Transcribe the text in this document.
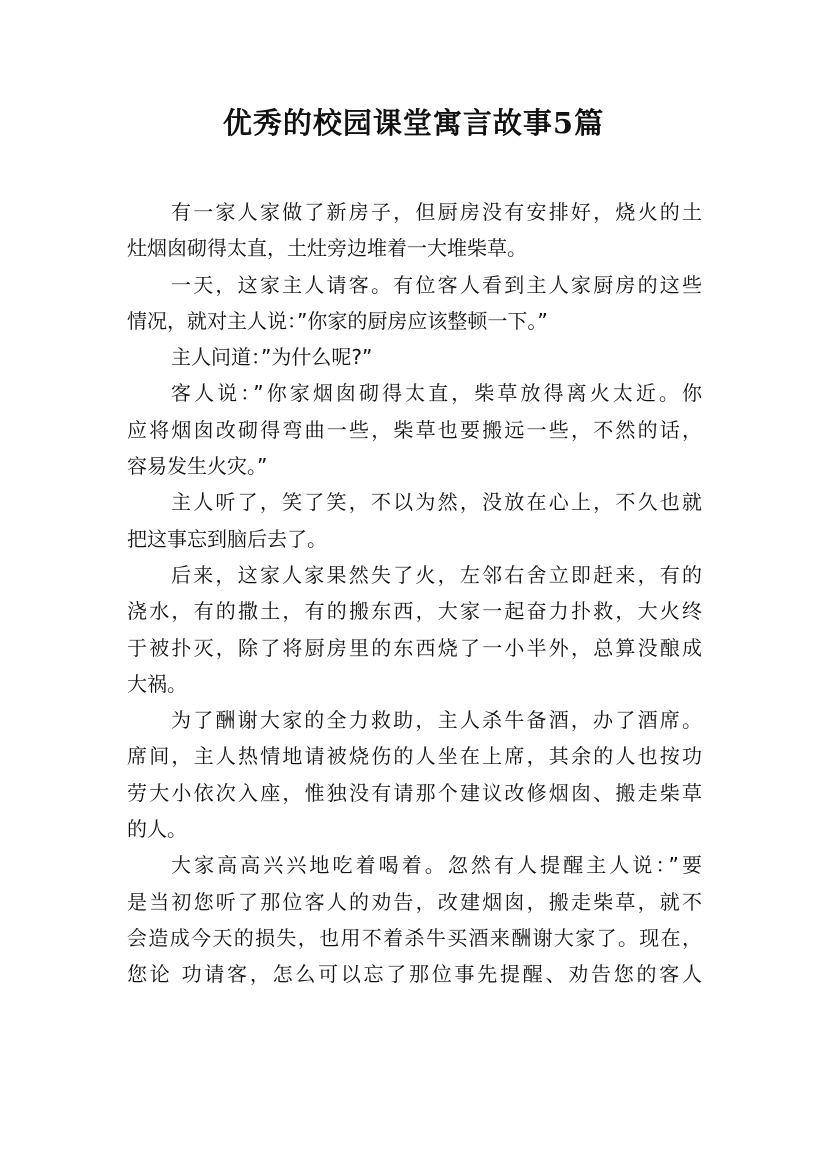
优秀的校园课堂寓言故事5篇

有一家人家做了新房子，但厨房没有安排好，烧火的土
灶烟囱砌得太直，土灶旁边堆着一大堆柴草。

一天，这家主人请客。有位客人看到主人家厨房的这些
情况，就对主人说：”你家的厨房应该整顿一下。”

主人问道：”为什么呢?”

客人说：”你家烟囱砌得太直，柴草放得离火太近。你
应将烟囱改砌得弯曲一些，柴草也要搬远一些，不然的话，
容易发生火灾。”

主人听了，笑了笑，不以为然，没放在心上，不久也就
把这事忘到脑后去了。

后来，这家人家果然失了火，左邻右舍立即赶来，有的
浇水，有的撒土，有的搬东西，大家一起奋力扑救，大火终
于被扑灭，除了将厨房里的东西烧了一小半外，总算没酿成
大祸。

为了酬谢大家的全力救助，主人杀牛备酒，办了酒席。
席间，主人热情地请被烧伤的人坐在上席，其余的人也按功
劳大小依次入座，惟独没有请那个建议改修烟囱、搬走柴草
的人。

大家高高兴兴地吃着喝着。忽然有人提醒主人说：”要
是当初您听了那位客人的劝告，改建烟囱，搬走柴草，就不
会造成今天的损失，也用不着杀牛买酒来酬谢大家了。现在，
您论 功请客，怎么可以忘了那位事先提醒、劝告您的客人
